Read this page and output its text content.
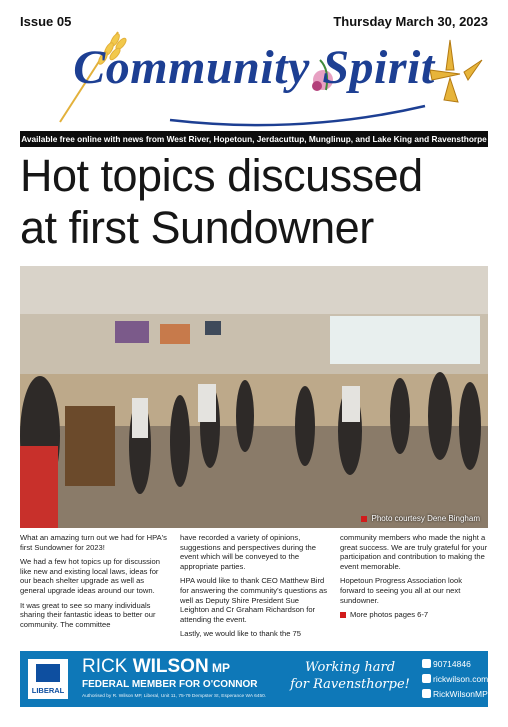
Issue 05	Thursday March 30, 2023
Community Spirit
Available free online with news from West River, Hopetoun, Jerdacuttup, Munglinup, and Lake King and Ravensthorpe
Hot topics discussed
at first Sundowner
Photo courtesy Dene Bingham

What an amazing turn out we had for HPA's first Sundowner for 2023!

We had a few hot topics up for discussion like new and existing local laws, ideas for our beach shelter upgrade as well as general upgrade ideas around our town.

It was great to see so many individuals sharing their fantastic ideas to better our community. The committee

have recorded a variety of opinions, suggestions and perspectives during the event which will be conveyed to the appropriate parties.

HPA would like to thank CEO Matthew Bird for answering the community's questions as well as Deputy Shire President Sue Leighton and Cr Graham Richardson for attending the event.

Lastly, we would like to thank the 75

community members who made the night a great success. We are truly grateful for your participation and contribution to making the event memorable.

Hopetoun Progress Association look forward to seeing you all at our next sundowner.

More photos pages 6-7

LIBERAL
RICK WILSON MP
FEDERAL MEMBER FOR O'CONNOR
Authorised by R. Wilson MP, Liberal, Unit 11, 75-79 Dempster St, Esperance WA 6450.
Working hard
for Ravensthorpe!
90714846
rickwilson.com.au
RickWilsonMP
